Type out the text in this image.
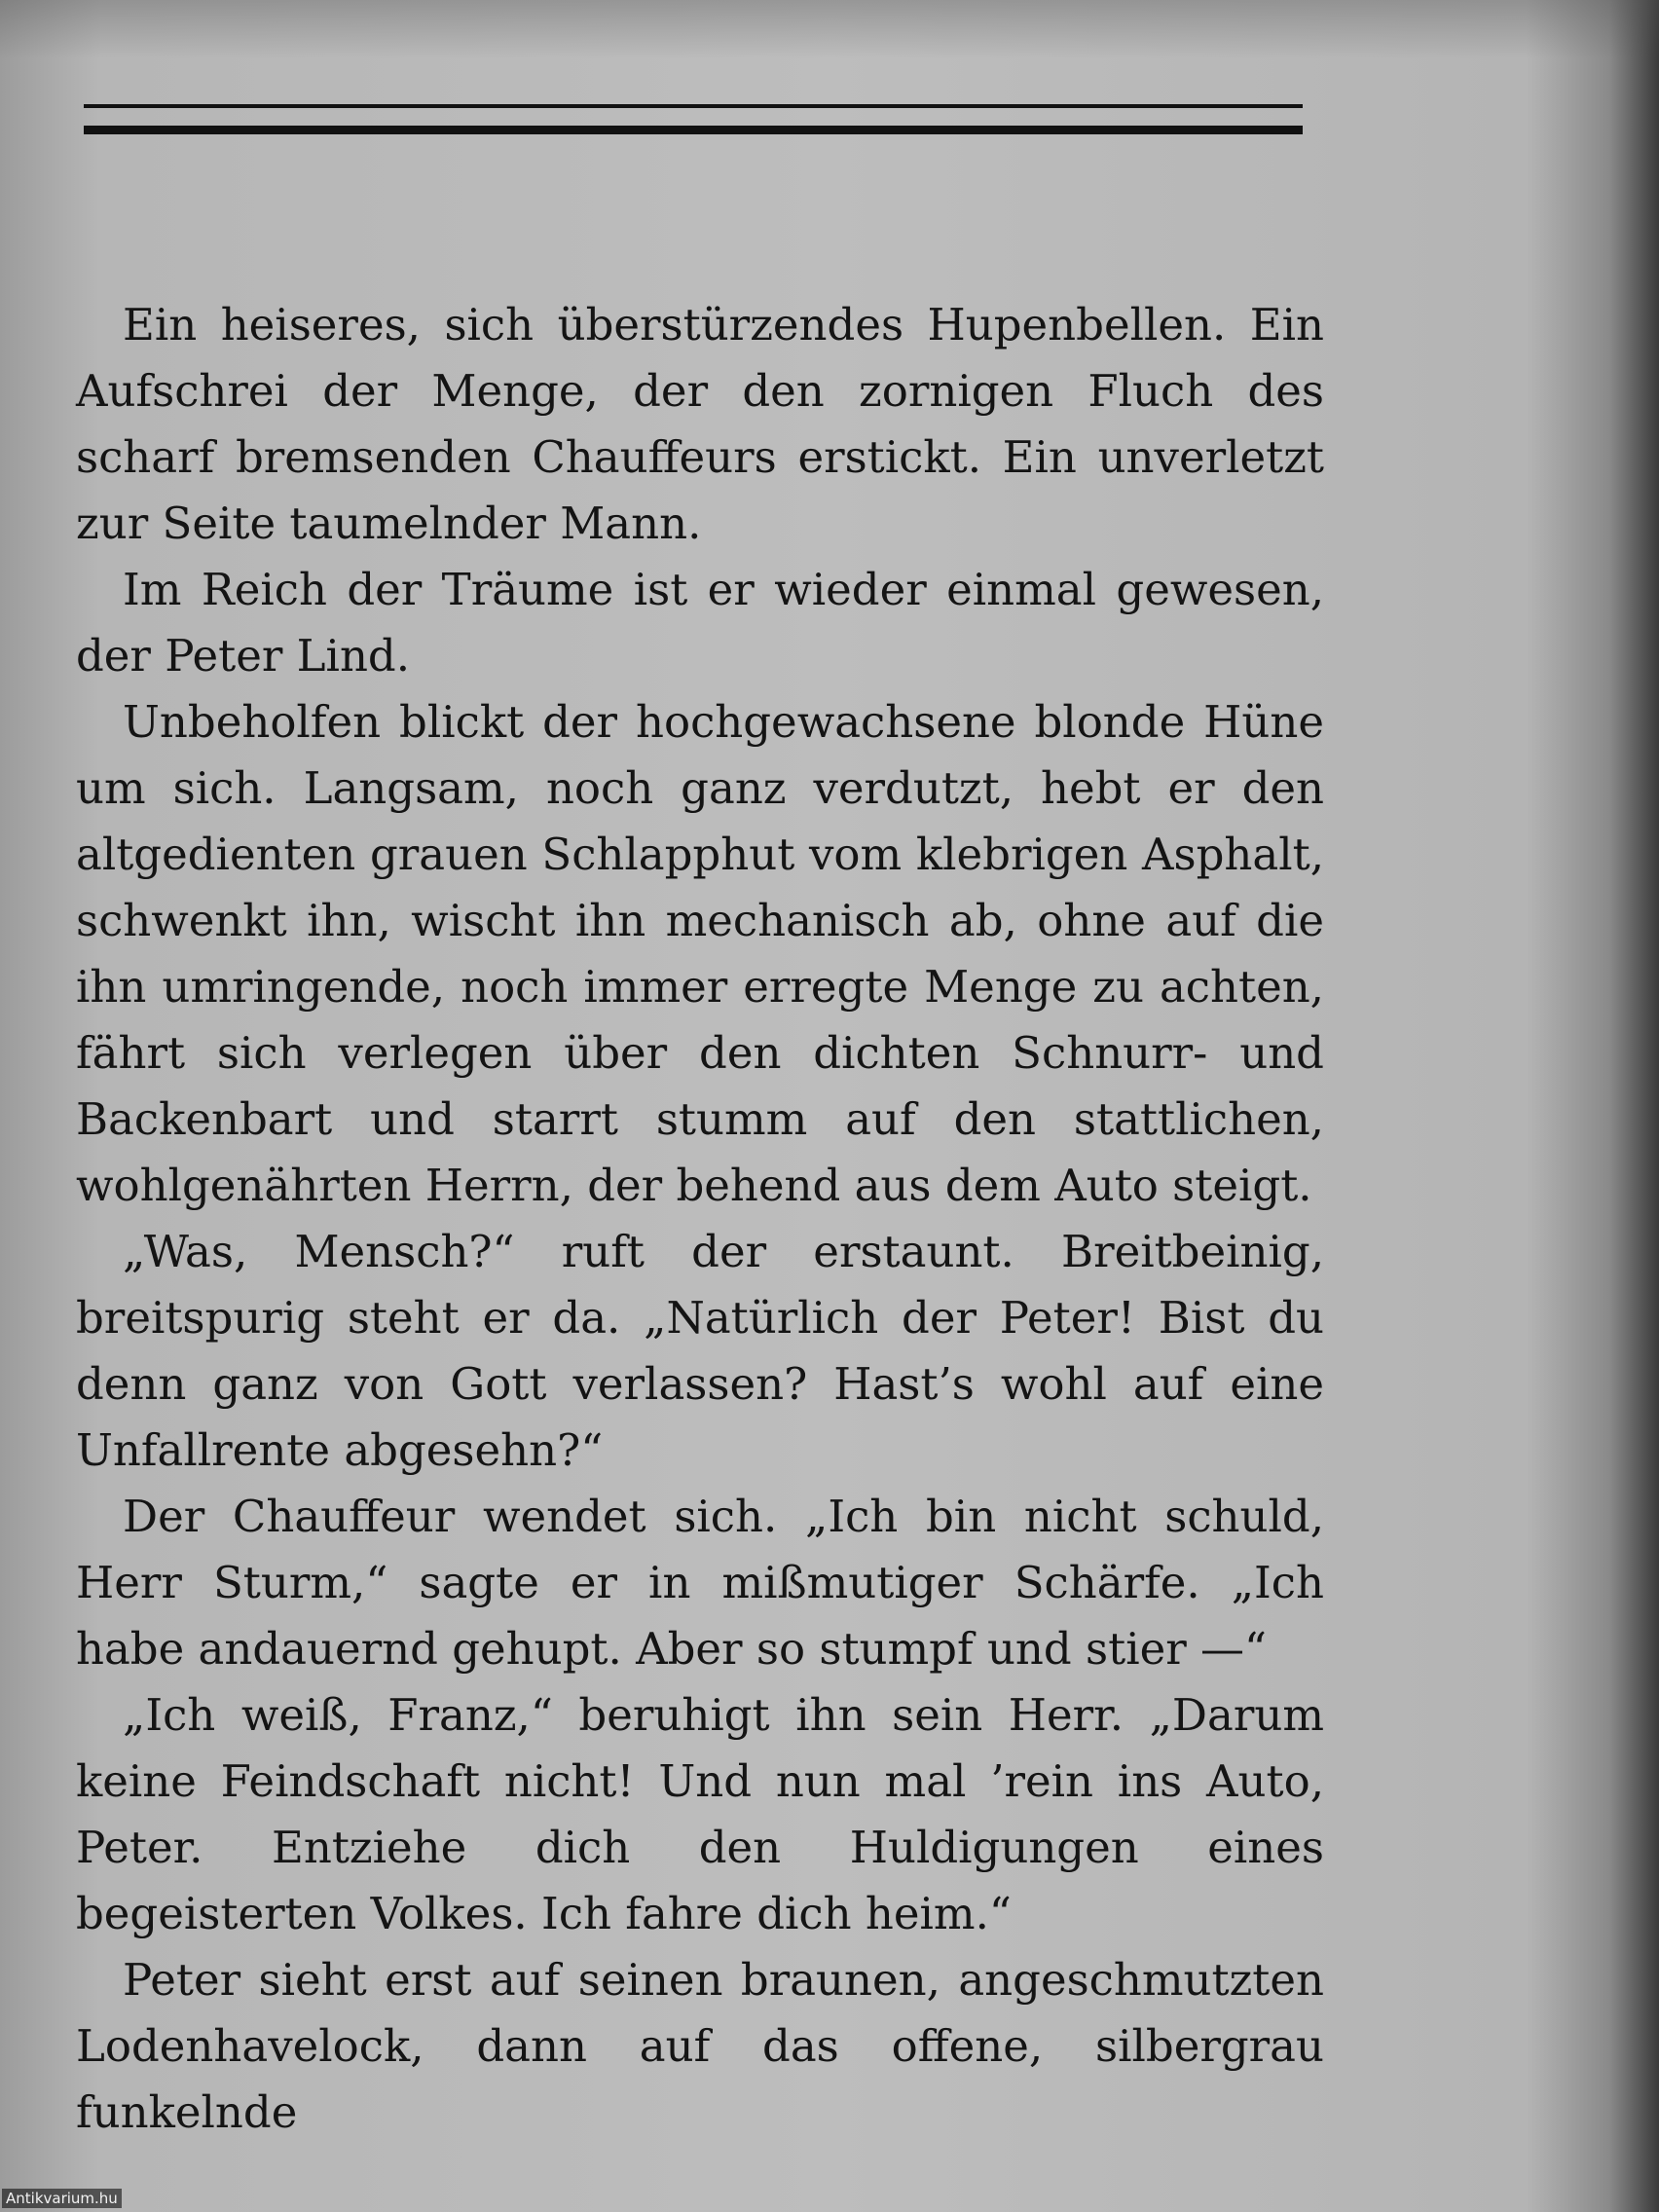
Ein heiseres, sich überstürzendes Hupenbellen. Ein Aufschrei der Menge, der den zornigen Fluch des scharf bremsenden Chauffeurs erstickt. Ein unverletzt zur Seite taumelnder Mann.

Im Reich der Träume ist er wieder einmal gewesen, der Peter Lind.

Unbeholfen blickt der hochgewachsene blonde Hüne um sich. Langsam, noch ganz verdutzt, hebt er den altgedienten grauen Schlapphut vom klebrigen Asphalt, schwenkt ihn, wischt ihn mechanisch ab, ohne auf die ihn umringende, noch immer erregte Menge zu achten, fährt sich verlegen über den dichten Schnurr- und Backenbart und starrt stumm auf den stattlichen, wohlgenährten Herrn, der behend aus dem Auto steigt.

„Was, Mensch?“ ruft der erstaunt. Breitbeinig, breitspurig steht er da. „Natürlich der Peter! Bist du denn ganz von Gott verlassen? Hast’s wohl auf eine Unfallrente abgesehn?“

Der Chauffeur wendet sich. „Ich bin nicht schuld, Herr Sturm,“ sagte er in mißmutiger Schärfe. „Ich habe andauernd gehupt. Aber so stumpf und stier —“

„Ich weiß, Franz,“ beruhigt ihn sein Herr. „Darum keine Feindschaft nicht! Und nun mal ’rein ins Auto, Peter. Entziehe dich den Huldigungen eines begeisterten Volkes. Ich fahre dich heim.“

Peter sieht erst auf seinen braunen, angeschmutzten Lodenhavelock, dann auf das offene, silbergrau funkelnde

Antikvarium.hu
